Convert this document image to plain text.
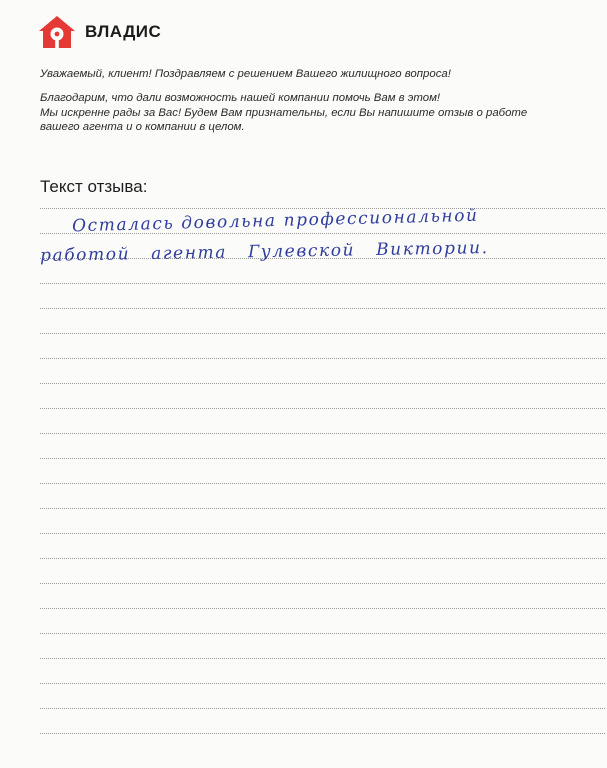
ВЛАДИС

Уважаемый, клиент! Поздравляем с решением Вашего жилищного вопроса!

Благодарим, что дали возможность нашей компании помочь Вам в этом!

Мы искренне рады за Вас! Будем Вам признательны, если Вы напишите отзыв о работе

вашего агента и о компании в целом.

Текст отзыва:
Осталась довольна профессиональной
работой агента Гулевской Виктории.
